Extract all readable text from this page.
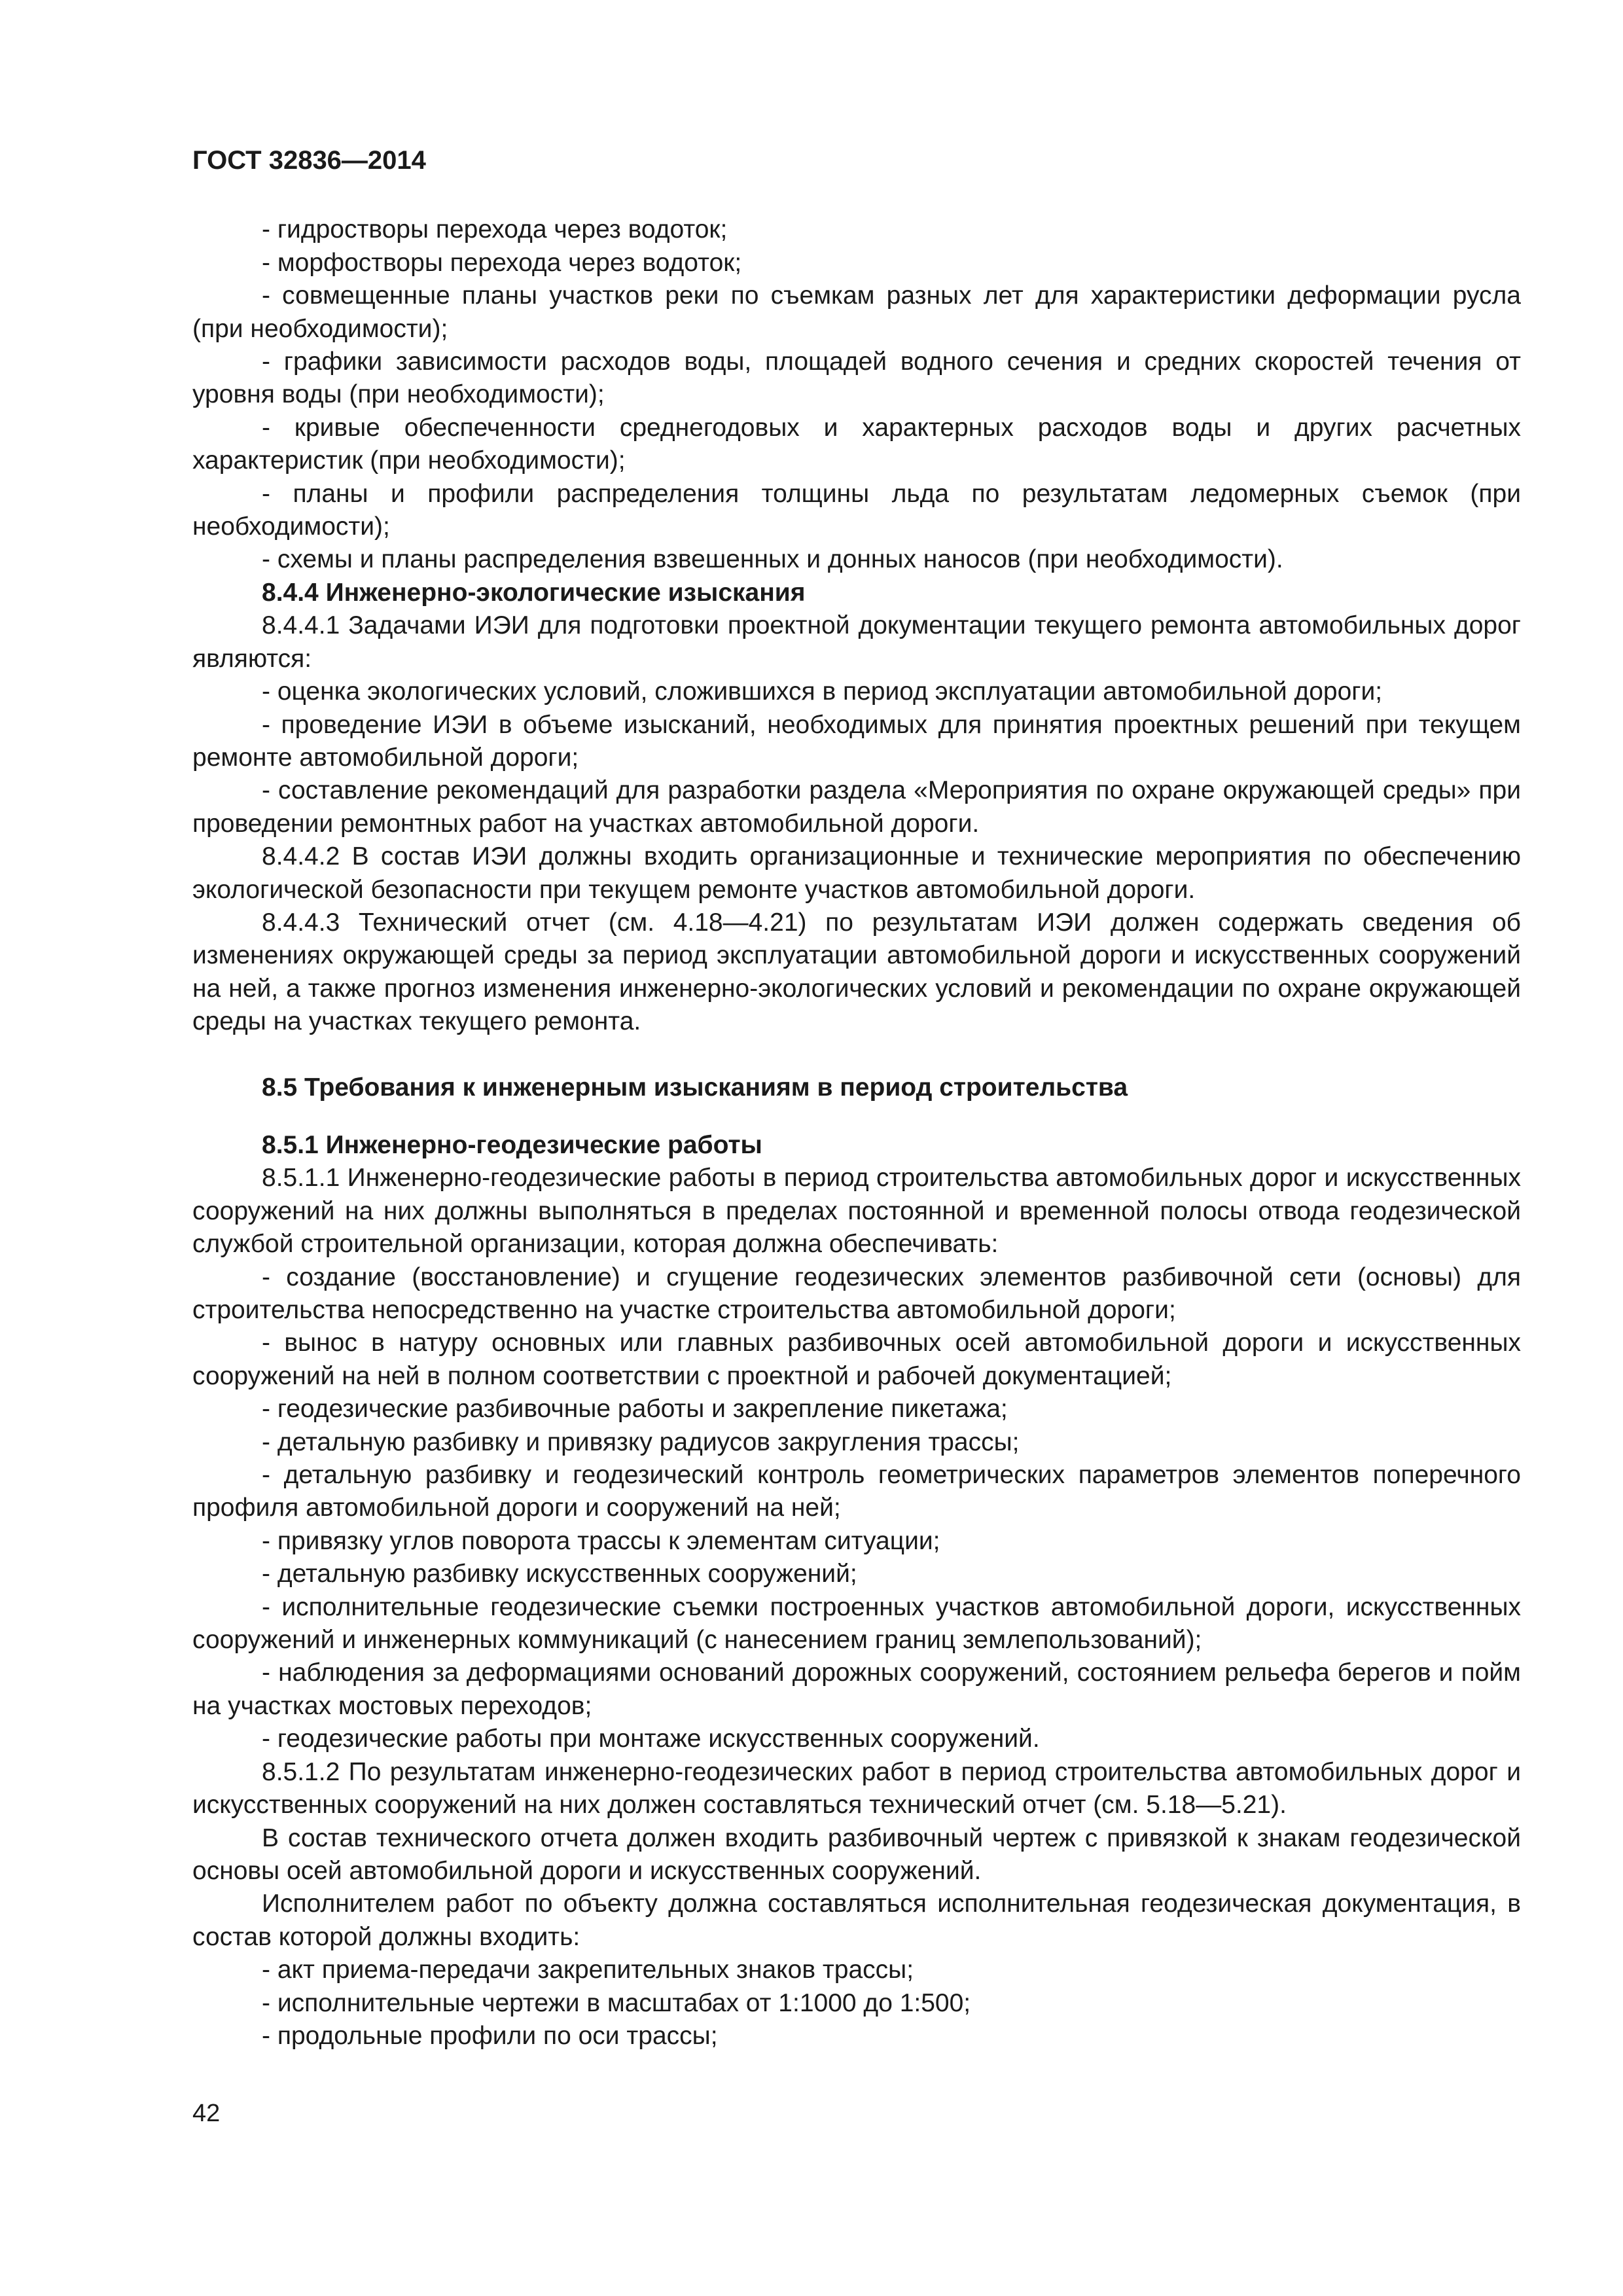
ГОСТ 32836—2014

- гидростворы перехода через водоток;

- морфостворы перехода через водоток;

- совмещенные планы участков реки по съемкам разных лет для характеристики деформации русла (при необходимости);

- графики зависимости расходов воды, площадей водного сечения и средних скоростей течения от уровня воды (при необходимости);

- кривые обеспеченности среднегодовых и характерных расходов воды и других расчетных характеристик (при необходимости);

- планы и профили распределения толщины льда по результатам ледомерных съемок (при необходимости);

- схемы и планы распределения взвешенных и донных наносов (при необходимости).

8.4.4 Инженерно-экологические изыскания

8.4.4.1 Задачами ИЭИ для подготовки проектной документации текущего ремонта автомобильных дорог являются:

- оценка экологических условий, сложившихся в период эксплуатации автомобильной дороги;

- проведение ИЭИ в объеме изысканий, необходимых для принятия проектных решений при текущем ремонте автомобильной дороги;

- составление рекомендаций для разработки раздела «Мероприятия по охране окружающей среды» при проведении ремонтных работ на участках автомобильной дороги.

8.4.4.2 В состав ИЭИ должны входить организационные и технические мероприятия по обеспечению экологической безопасности при текущем ремонте участков автомобильной дороги.

8.4.4.3 Технический отчет (см. 4.18—4.21) по результатам ИЭИ должен содержать сведения об изменениях окружающей среды за период эксплуатации автомобильной дороги и искусственных сооружений на ней, а также прогноз изменения инженерно-экологических условий и рекомендации по охране окружающей среды на участках текущего ремонта.

8.5 Требования к инженерным изысканиям в период строительства

8.5.1 Инженерно-геодезические работы

8.5.1.1 Инженерно-геодезические работы в период строительства автомобильных дорог и искусственных сооружений на них должны выполняться в пределах постоянной и временной полосы отвода геодезической службой строительной организации, которая должна обеспечивать:

- создание (восстановление) и сгущение геодезических элементов разбивочной сети (основы) для строительства непосредственно на участке строительства автомобильной дороги;

- вынос в натуру основных или главных разбивочных осей автомобильной дороги и искусственных сооружений на ней в полном соответствии с проектной и рабочей документацией;

- геодезические разбивочные работы и закрепление пикетажа;

- детальную разбивку и привязку радиусов закругления трассы;

- детальную разбивку и геодезический контроль геометрических параметров элементов поперечного профиля автомобильной дороги и сооружений на ней;

- привязку углов поворота трассы к элементам ситуации;

- детальную разбивку искусственных сооружений;

- исполнительные геодезические съемки построенных участков автомобильной дороги, искусственных сооружений и инженерных коммуникаций (с нанесением границ землепользований);

- наблюдения за деформациями оснований дорожных сооружений, состоянием рельефа берегов и пойм на участках мостовых переходов;

- геодезические работы при монтаже искусственных сооружений.

8.5.1.2 По результатам инженерно-геодезических работ в период строительства автомобильных дорог и искусственных сооружений на них должен составляться технический отчет (см. 5.18—5.21).

В состав технического отчета должен входить разбивочный чертеж с привязкой к знакам геодезической основы осей автомобильной дороги и искусственных сооружений.

Исполнителем работ по объекту должна составляться исполнительная геодезическая документация, в состав которой должны входить:

- акт приема-передачи закрепительных знаков трассы;

- исполнительные чертежи в масштабах от 1:1000 до 1:500;

- продольные профили по оси трассы;

42
